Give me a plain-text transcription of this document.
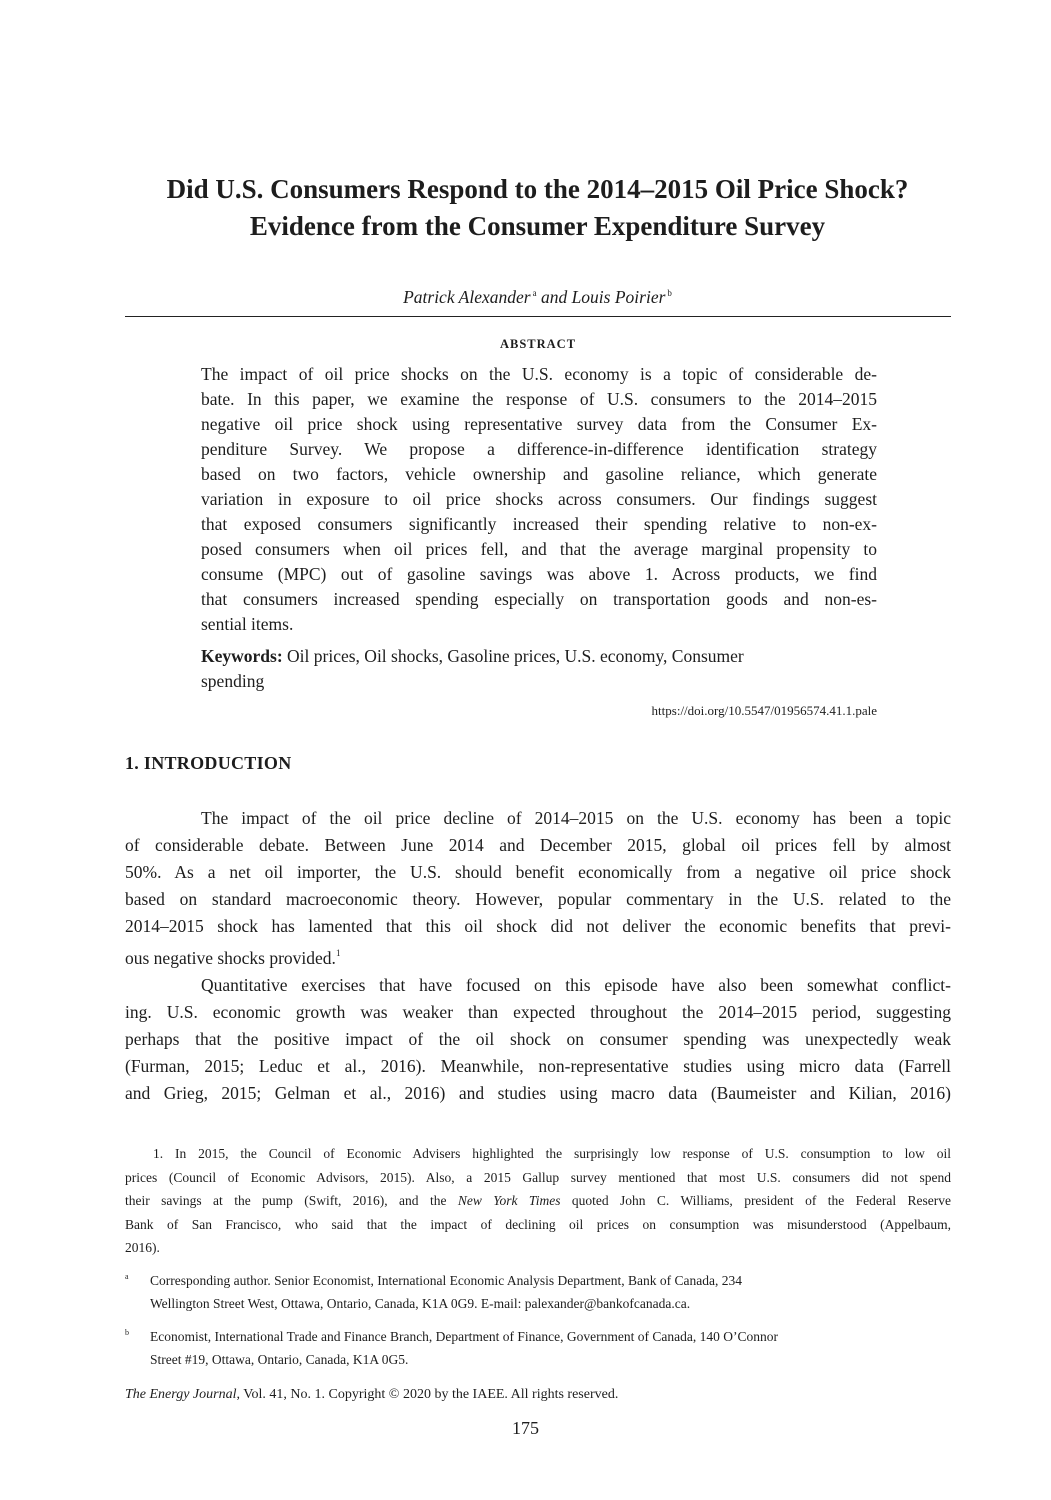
Did U.S. Consumers Respond to the 2014–2015 Oil Price Shock?
Evidence from the Consumer Expenditure Survey
Patrick Alexander $^a$ and Louis Poirier $^b$
ABSTRACT
The impact of oil price shocks on the U.S. economy is a topic of considerable de-
bate. In this paper, we examine the response of U.S. consumers to the 2014–2015
negative oil price shock using representative survey data from the Consumer Ex-
penditure Survey. We propose a difference-in-difference identification strategy
based on two factors, vehicle ownership and gasoline reliance, which generate
variation in exposure to oil price shocks across consumers. Our findings suggest
that exposed consumers significantly increased their spending relative to non-ex-
posed consumers when oil prices fell, and that the average marginal propensity to
consume (MPC) out of gasoline savings was above 1. Across products, we find
that consumers increased spending especially on transportation goods and non-es-
sential items.
Keywords: Oil prices, Oil shocks, Gasoline prices, U.S. economy, Consumer
spending
https://doi.org/10.5547/01956574.41.1.pale
1. INTRODUCTION
The impact of the oil price decline of 2014–2015 on the U.S. economy has been a topic
of considerable debate. Between June 2014 and December 2015, global oil prices fell by almost
50%. As a net oil importer, the U.S. should benefit economically from a negative oil price shock
based on standard macroeconomic theory. However, popular commentary in the U.S. related to the
2014–2015 shock has lamented that this oil shock did not deliver the economic benefits that previ-
ous negative shocks provided.$^1$
Quantitative exercises that have focused on this episode have also been somewhat conflict-
ing. U.S. economic growth was weaker than expected throughout the 2014–2015 period, suggesting
perhaps that the positive impact of the oil shock on consumer spending was unexpectedly weak
(Furman, 2015; Leduc et al., 2016). Meanwhile, non-representative studies using micro data (Farrell
and Grieg, 2015; Gelman et al., 2016) and studies using macro data (Baumeister and Kilian, 2016)
1. In 2015, the Council of Economic Advisers highlighted the surprisingly low response of U.S. consumption to low oil
prices (Council of Economic Advisors, 2015). Also, a 2015 Gallup survey mentioned that most U.S. consumers did not spend
their savings at the pump (Swift, 2016), and the New York Times quoted John C. Williams, president of the Federal Reserve
Bank of San Francisco, who said that the impact of declining oil prices on consumption was misunderstood (Appelbaum,
2016).
a Corresponding author. Senior Economist, International Economic Analysis Department, Bank of Canada, 234
Wellington Street West, Ottawa, Ontario, Canada, K1A 0G9. E-mail: palexander@bankofcanada.ca.
b Economist, International Trade and Finance Branch, Department of Finance, Government of Canada, 140 O’Connor
Street #19, Ottawa, Ontario, Canada, K1A 0G5.
The Energy Journal, Vol. 41, No. 1. Copyright © 2020 by the IAEE. All rights reserved.
175
